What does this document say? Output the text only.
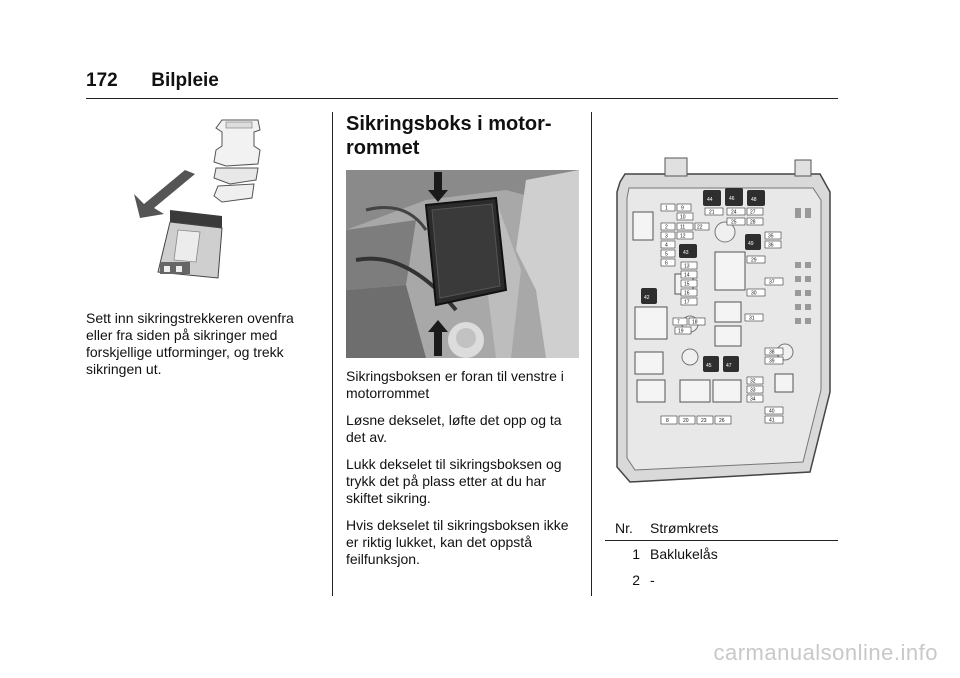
172 Bilpleie
Sett inn sikringstrekkeren ovenfra eller fra siden på sikringer med forskjellige utforminger, og trekk sikringen ut.
Sikringsboks i motor-rommet

Sikringsboksen er foran til venstre i motorrommet

Løsne dekselet, løfte det opp og ta det av.

Lukk dekselet til sikringsboksen og trykk det på plass etter at du har skiftet sikring.

Hvis dekselet til sikringsboksen ikke er riktig lukket, kan det oppstå feilfunksjon.

44	46	48
43
49
42
45	47
1	9
10
2 11 22
3 12
4
5
6	13
14
15
16
17
7 18
19
21	24	27
25	28
35
36
29
37
30
31
38
39
32
33
34
40
41
8	20 23 26
Nr.	Strømkrets
1 Baklukelås
2 -
carmanualsonline.info
